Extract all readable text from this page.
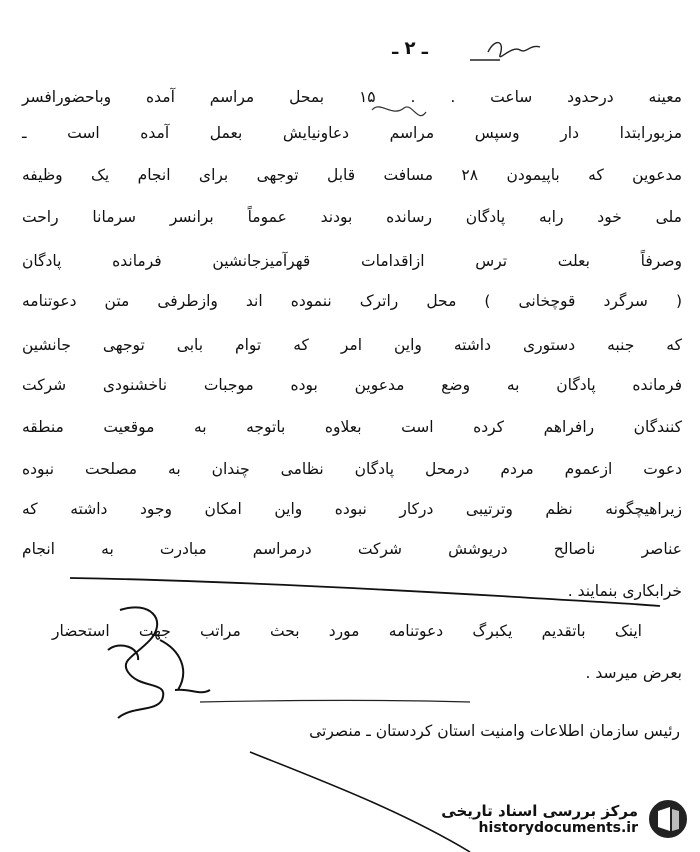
ـ ۲ ـ
معینه درحدود ساعت . . ۱۵ بمحل مراسم آمده وباحضورافسر
مزبورابتدا دار وسپس مراسم دعاونیایش بعمل آمده است ـ
مدعوین که باپیمودن ۲۸ مسافت قابل توجهی برای انجام یک وظیفه
ملی خود رابه پادگان رسانده بودند عموماً برانسر سرمانا راحت
وصرفاً بعلت ترس ازاقدامات قهرآمیزجانشین فرمانده پادگان
( سرگرد قوچخانی ) محل راترک ننموده اند وازطرفی متن دعوتنامه
که جنبه دستوری داشته واین امر که توام بابی توجهی جانشین
فرمانده پادگان به وضع مدعوین بوده موجبات ناخشنودی شرکت
کنندگان رافراهم کرده است بعلاوه باتوجه به موقعیت منطقه
دعوت ازعموم مردم درمحل پادگان نظامی چندان به مصلحت نبوده
زیراهیچگونه نظم وترتیبی درکار نبوده واین امکان وجود داشته که
عناصر ناصالح دریوشش شرکت درمراسم مبادرت به انجام
خرابکاری بنمایند .
اینک باتقدیم یکبرگ دعوتنامه مورد بحث مراتب جهت استحضار
بعرض میرسد .
رئیس سازمان اطلاعات وامنیت استان کردستان ـ منصرتی
مرکز بررسی اسناد تاریخی
historydocuments.ir
